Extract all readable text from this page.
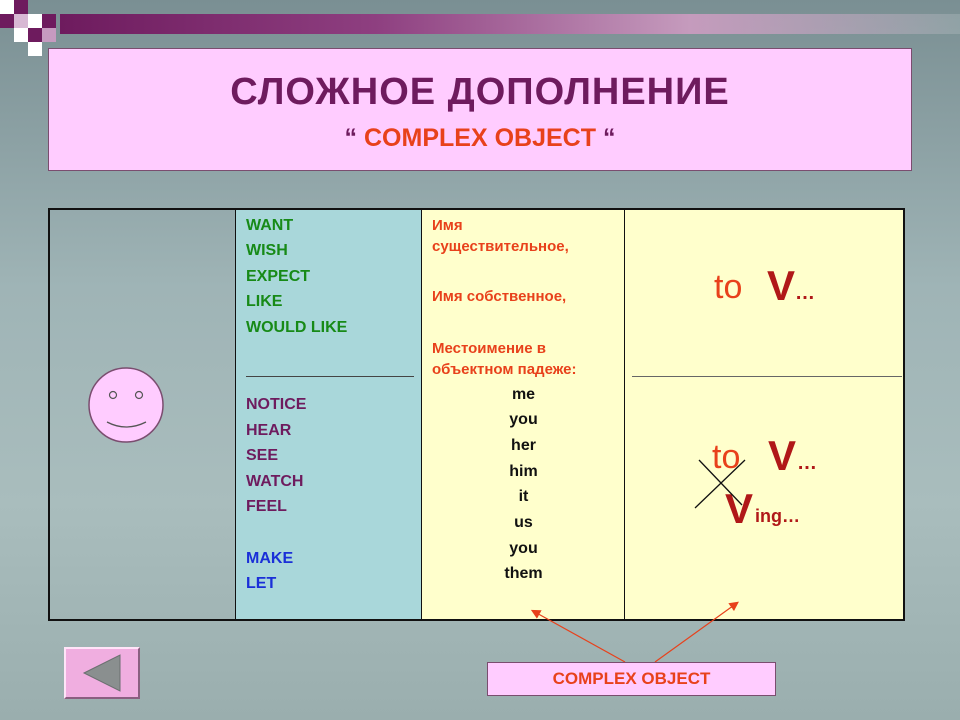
СЛОЖНОЕ ДОПОЛНЕНИЕ
“ COMPLEX OBJECT “
WANT
WISH
EXPECT
LIKE
WOULD LIKE
NOTICE
HEAR
SEE
WATCH
FEEL
MAKE
LET
Имя
существительное,
Имя собственное,
Местоимение в
объектном падеже:
me
you
her
him
it
us
you
them
to V …
to V …
V ing…
COMPLEX OBJECT
